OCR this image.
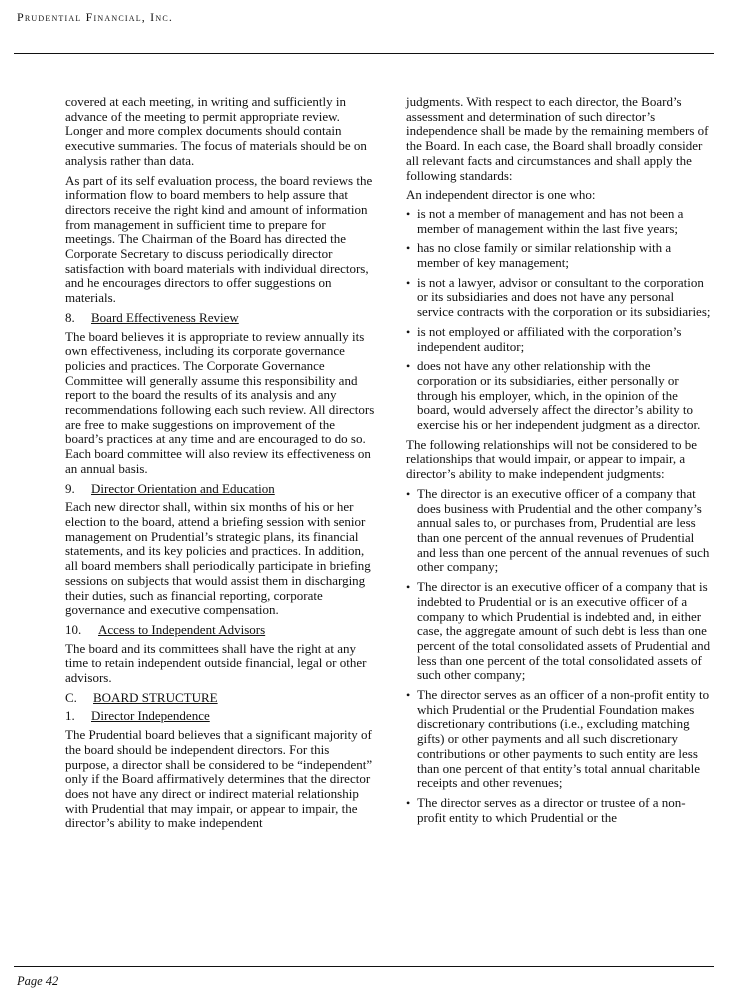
Prudential Financial, Inc.

covered at each meeting, in writing and sufficiently in advance of the meeting to permit appropriate review. Longer and more complex documents should contain executive summaries. The focus of materials should be on analysis rather than data.

As part of its self evaluation process, the board reviews the information flow to board members to help assure that directors receive the right kind and amount of information from management in sufficient time to prepare for meetings. The Chairman of the Board has directed the Corporate Secretary to discuss periodically director satisfaction with board materials with individual directors, and he encourages directors to offer suggestions on materials.

8. Board Effectiveness Review

The board believes it is appropriate to review annually its own effectiveness, including its corporate governance policies and practices. The Corporate Governance Committee will generally assume this responsibility and report to the board the results of its analysis and any recommendations following each such review. All directors are free to make suggestions on improvement of the board’s practices at any time and are encouraged to do so. Each board committee will also review its effectiveness on an annual basis.

9. Director Orientation and Education

Each new director shall, within six months of his or her election to the board, attend a briefing session with senior management on Prudential’s strategic plans, its financial statements, and its key policies and practices. In addition, all board members shall periodically participate in briefing sessions on subjects that would assist them in discharging their duties, such as financial reporting, corporate governance and executive compensation.

10. Access to Independent Advisors

The board and its committees shall have the right at any time to retain independent outside financial, legal or other advisors.

C. BOARD STRUCTURE
1. Director Independence

The Prudential board believes that a significant majority of the board should be independent directors. For this purpose, a director shall be considered to be “independent” only if the Board affirmatively determines that the director does not have any direct or indirect material relationship with Prudential that may impair, or appear to impair, the director’s ability to make independent

judgments. With respect to each director, the Board’s assessment and determination of such director’s independence shall be made by the remaining members of the Board. In each case, the Board shall broadly consider all relevant facts and circumstances and shall apply the following standards:

An independent director is one who:

• is not a member of management and has not been a member of management within the last five years;
• has no close family or similar relationship with a member of key management;
• is not a lawyer, advisor or consultant to the corporation or its subsidiaries and does not have any personal service contracts with the corporation or its subsidiaries;
• is not employed or affiliated with the corporation’s independent auditor;
• does not have any other relationship with the corporation or its subsidiaries, either personally or through his employer, which, in the opinion of the board, would adversely affect the director’s ability to exercise his or her independent judgment as a director.

The following relationships will not be considered to be relationships that would impair, or appear to impair, a director’s ability to make independent judgments:

• The director is an executive officer of a company that does business with Prudential and the other company’s annual sales to, or purchases from, Prudential are less than one percent of the annual revenues of Prudential and less than one percent of the annual revenues of such other company;
• The director is an executive officer of a company that is indebted to Prudential or is an executive officer of a company to which Prudential is indebted and, in either case, the aggregate amount of such debt is less than one percent of the total consolidated assets of Prudential and less than one percent of the total consolidated assets of such other company;
• The director serves as an officer of a non-profit entity to which Prudential or the Prudential Foundation makes discretionary contributions (i.e., excluding matching gifts) or other payments and all such discretionary contributions or other payments to such entity are less than one percent of that entity’s total annual charitable receipts and other revenues;
• The director serves as a director or trustee of a non-profit entity to which Prudential or the
Page 42
